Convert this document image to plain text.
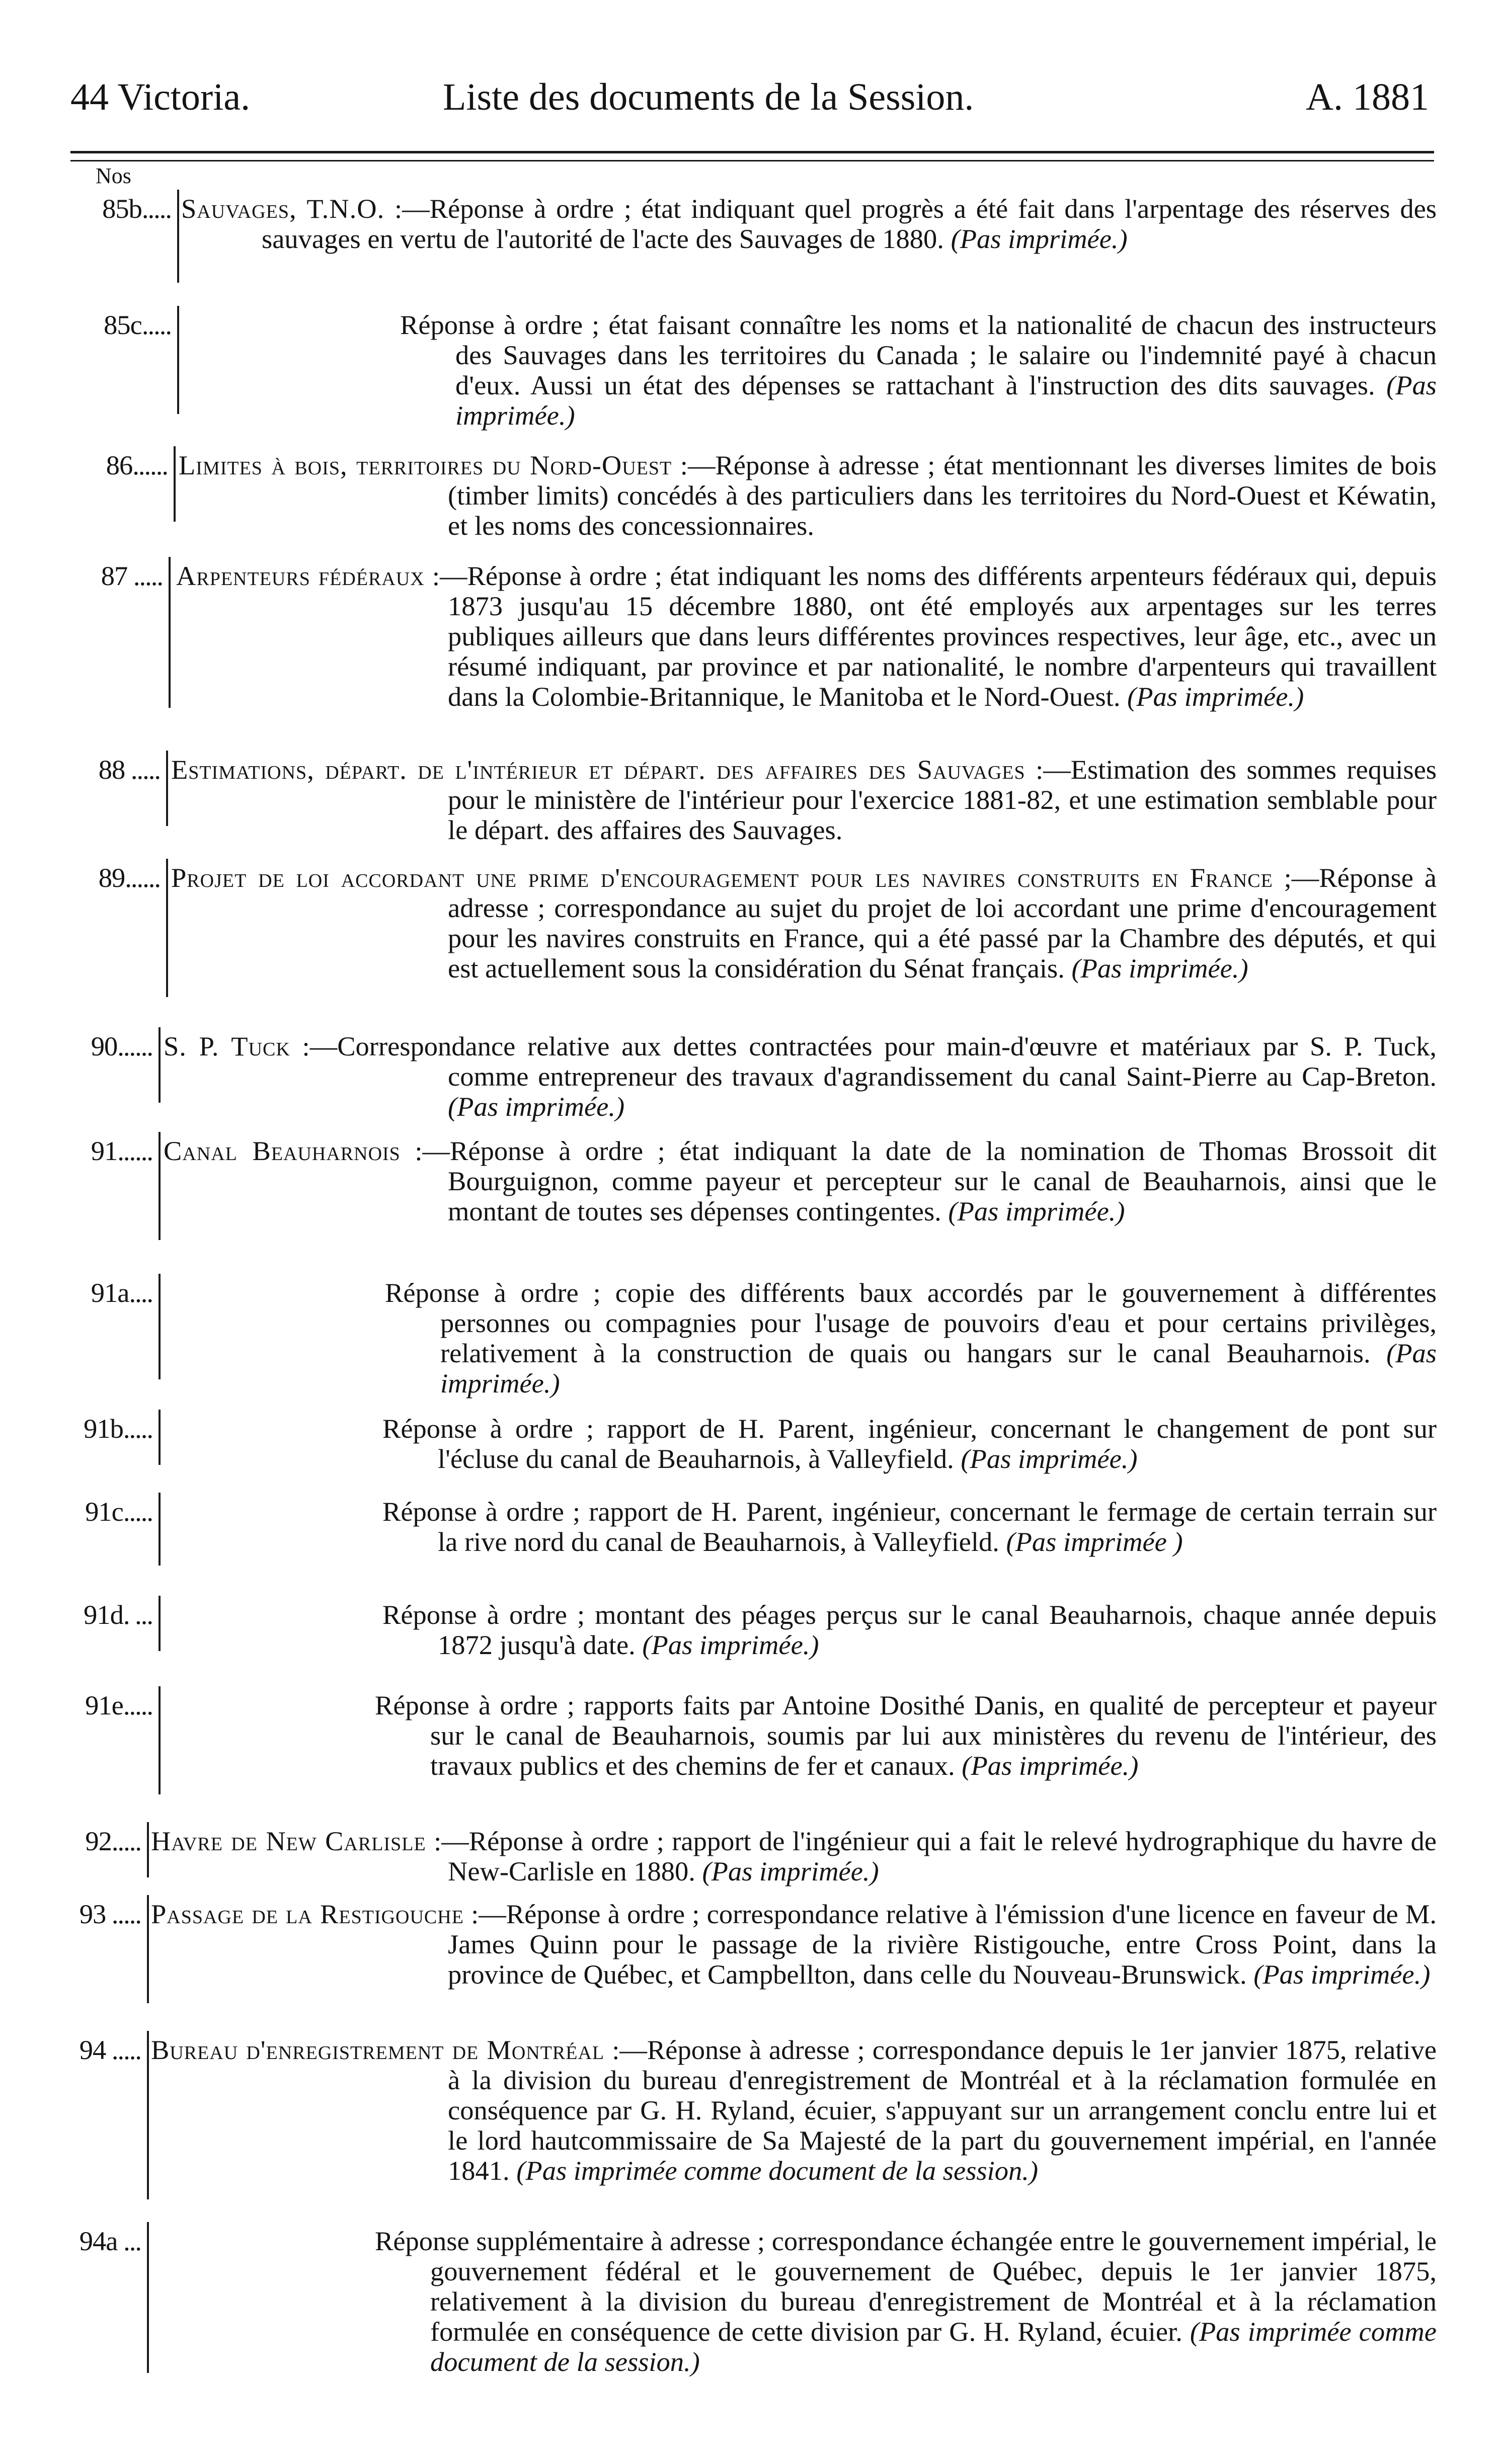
44 Victoria.	Liste des documents de la Session.	A. 1881
Nos
85b..... Sauvages, T.N.O. :—Réponse à ordre ; état indiquant quel progrès a été fait dans l'arpentage des réserves des sauvages en vertu de l'autorité de l'acte des Sauvages de 1880. (Pas imprimée.)
85c.....	Réponse à ordre ; état faisant connaître les noms et la nationalité de chacun des instructeurs des Sauvages dans les territoires du Canada ; le salaire ou l'indemnité payé à chacun d'eux. Aussi un état des dépenses se rattachant à l'instruction des dits sauvages. (Pas imprimée.)
86...... Limites à bois, territoires du Nord-Ouest :—Réponse à adresse ; état mentionnant les diverses limites de bois (timber limits) concédés à des particuliers dans les territoires du Nord-Ouest et Kéwatin, et les noms des concessionnaires.
87 ..... Arpenteurs fédéraux :—Réponse à ordre ; état indiquant les noms des différents arpenteurs fédéraux qui, depuis 1873 jusqu'au 15 décembre 1880, ont été employés aux arpentages sur les terres publiques ailleurs que dans leurs différentes provinces respectives, leur âge, etc., avec un résumé indiquant, par province et par nationalité, le nombre d'arpenteurs qui travaillent dans la Colombie-Britannique, le Manitoba et le Nord-Ouest. (Pas imprimée.)
88 ..... Estimations, départ. de l'intérieur et départ. des affaires des Sauvages :—Estimation des sommes requises pour le ministère de l'intérieur pour l'exercice 1881-82, et une estimation semblable pour le départ. des affaires des Sauvages.
89...... Projet de loi accordant une prime d'encouragement pour les navires construits en France ;—Réponse à adresse ; correspondance au sujet du projet de loi accordant une prime d'encouragement pour les navires construits en France, qui a été passé par la Chambre des députés, et qui est actuellement sous la considération du Sénat français. (Pas imprimée.)
90...... S. P. Tuck :—Correspondance relative aux dettes contractées pour main-d'œuvre et matériaux par S. P. Tuck, comme entrepreneur des travaux d'agrandissement du canal Saint-Pierre au Cap-Breton. (Pas imprimée.)
91...... Canal Beauharnois :—Réponse à ordre ; état indiquant la date de la nomination de Thomas Brossoit dit Bourguignon, comme payeur et percepteur sur le canal de Beauharnois, ainsi que le montant de toutes ses dépenses contingentes. (Pas imprimée.)
91a....	Réponse à ordre ; copie des différents baux accordés par le gouvernement à différentes personnes ou compagnies pour l'usage de pouvoirs d'eau et pour certains privilèges, relativement à la construction de quais ou hangars sur le canal Beauharnois. (Pas imprimée.)
91b.....	Réponse à ordre ; rapport de H. Parent, ingénieur, concernant le changement de pont sur l'écluse du canal de Beauharnois, à Valleyfield. (Pas imprimée.)
91c.....	Réponse à ordre ; rapport de H. Parent, ingénieur, concernant le fermage de certain terrain sur la rive nord du canal de Beauharnois, à Valleyfield. (Pas imprimée )
91d. ...	Réponse à ordre ; montant des péages perçus sur le canal Beauharnois, chaque année depuis 1872 jusqu'à date. (Pas imprimée.)
91e.....	Réponse à ordre ; rapports faits par Antoine Dosithé Danis, en qualité de percepteur et payeur sur le canal de Beauharnois, soumis par lui aux ministères du revenu de l'intérieur, des travaux publics et des chemins de fer et canaux. (Pas imprimée.)
92..... Havre de New Carlisle :—Réponse à ordre ; rapport de l'ingénieur qui a fait le relevé hydrographique du havre de New-Carlisle en 1880. (Pas imprimée.)
93 ..... Passage de la Restigouche :—Réponse à ordre ; correspondance relative à l'émission d'une licence en faveur de M. James Quinn pour le passage de la rivière Ristigouche, entre Cross Point, dans la province de Québec, et Campbellton, dans celle du Nouveau-Brunswick. (Pas imprimée.)
94 ..... Bureau d'enregistrement de Montréal :—Réponse à adresse ; correspondance depuis le 1er janvier 1875, relative à la division du bureau d'enregistrement de Montréal et à la réclamation formulée en conséquence par G. H. Ryland, écuier, s'appuyant sur un arrangement conclu entre lui et le lord hautcommissaire de Sa Majesté de la part du gouvernement impérial, en l'année 1841. (Pas imprimée comme document de la session.)
94a ...	Réponse supplémentaire à adresse ; correspondance échangée entre le gouvernement impérial, le gouvernement fédéral et le gouvernement de Québec, depuis le 1er janvier 1875, relativement à la division du bureau d'enregistrement de Montréal et à la réclamation formulée en conséquence de cette division par G. H. Ryland, écuier. (Pas imprimée comme document de la session.)
